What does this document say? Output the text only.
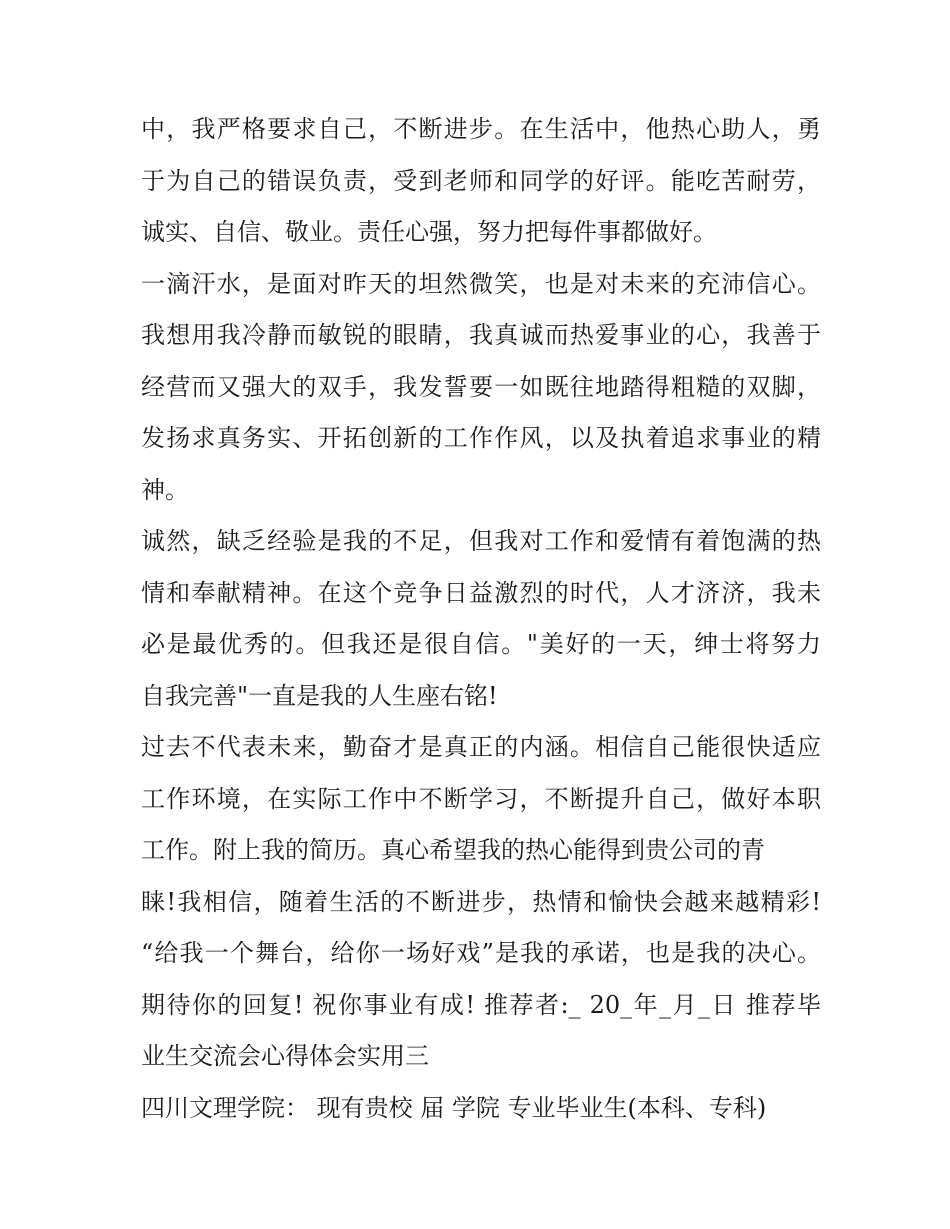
中，我严格要求自己，不断进步。在生活中，他热心助人，勇
于为自己的错误负责，受到老师和同学的好评。能吃苦耐劳，
诚实、自信、敬业。责任心强，努力把每件事都做好。
一滴汗水，是面对昨天的坦然微笑，也是对未来的充沛信心。
我想用我冷静而敏锐的眼睛，我真诚而热爱事业的心，我善于
经营而又强大的双手，我发誓要一如既往地踏得粗糙的双脚，
发扬求真务实、开拓创新的工作作风，以及执着追求事业的精
神。
诚然，缺乏经验是我的不足，但我对工作和爱情有着饱满的热
情和奉献精神。在这个竞争日益激烈的时代，人才济济，我未
必是最优秀的。但我还是很自信。"美好的一天，绅士将努力
自我完善"一直是我的人生座右铭!
过去不代表未来，勤奋才是真正的内涵。相信自己能很快适应
工作环境，在实际工作中不断学习，不断提升自己，做好本职
工作。附上我的简历。真心希望我的热心能得到贵公司的青
睐!我相信，随着生活的不断进步，热情和愉快会越来越精彩!
“给我一个舞台，给你一场好戏”是我的承诺，也是我的决心。
期待你的回复! 祝你事业有成! 推荐者:_ 20_年_月_日 推荐毕
业生交流会心得体会实用三
四川文理学院： 现有贵校 届 学院 专业毕业生(本科、专科)
